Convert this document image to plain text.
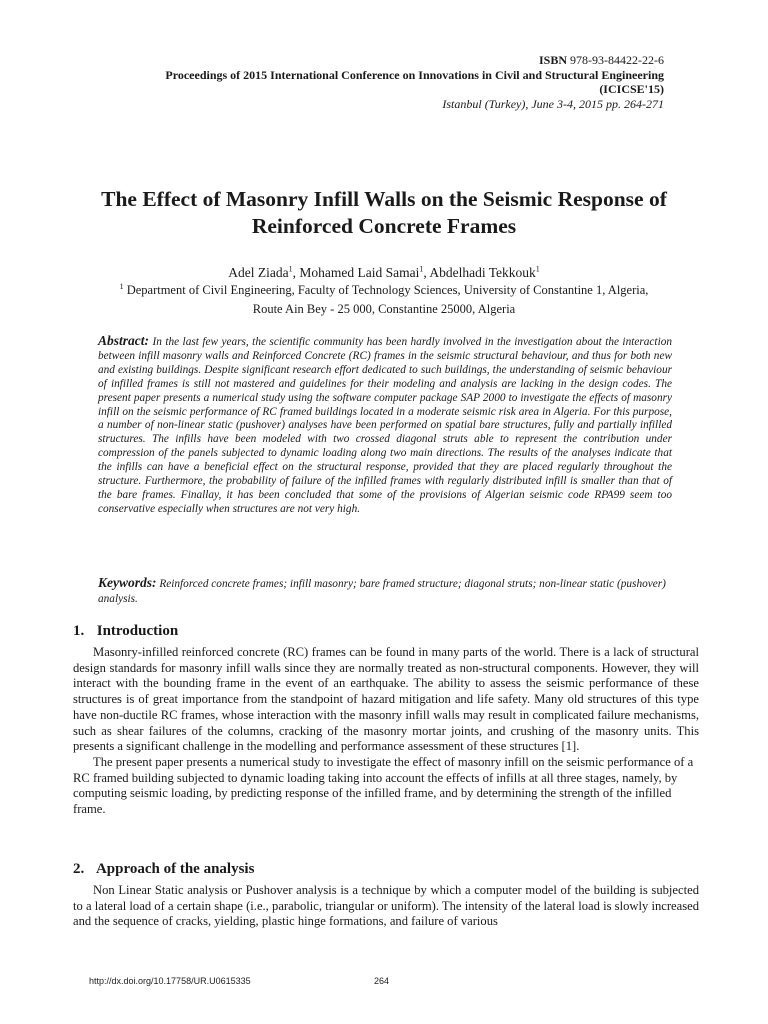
ISBN 978-93-84422-22-6
Proceedings of 2015 International Conference on Innovations in Civil and Structural Engineering
(ICICSE'15)
Istanbul (Turkey), June 3-4, 2015 pp. 264-271
The Effect of Masonry Infill Walls on the Seismic Response of
Reinforced Concrete Frames
Adel Ziada$^1$, Mohamed Laid Samai$^1$, Abdelhadi Tekkouk$^1$
$^1$ Department of Civil Engineering, Faculty of Technology Sciences, University of Constantine 1, Algeria,
Route Ain Bey - 25 000, Constantine 25000, Algeria
Abstract: In the last few years, the scientific community has been hardly involved in the investigation about the interaction between infill masonry walls and Reinforced Concrete (RC) frames in the seismic structural behaviour, and thus for both new and existing buildings. Despite significant research effort dedicated to such buildings, the understanding of seismic behaviour of infilled frames is still not mastered and guidelines for their modeling and analysis are lacking in the design codes. The present paper presents a numerical study using the software computer package SAP 2000 to investigate the effects of masonry infill on the seismic performance of RC framed buildings located in a moderate seismic risk area in Algeria. For this purpose, a number of non-linear static (pushover) analyses have been performed on spatial bare structures, fully and partially infilled structures. The infills have been modeled with two crossed diagonal struts able to represent the contribution under compression of the panels subjected to dynamic loading along two main directions. The results of the analyses indicate that the infills can have a beneficial effect on the structural response, provided that they are placed regularly throughout the structure. Furthermore, the probability of failure of the infilled frames with regularly distributed infill is smaller than that of the bare frames. Finallay, it has been concluded that some of the provisions of Algerian seismic code RPA99 seem too conservative especially when structures are not very high.
Keywords: Reinforced concrete frames; infill masonry; bare framed structure; diagonal struts; non-linear static (pushover) analysis.
1. Introduction

Masonry-infilled reinforced concrete (RC) frames can be found in many parts of the world. There is a lack of structural design standards for masonry infill walls since they are normally treated as non-structural components. However, they will interact with the bounding frame in the event of an earthquake. The ability to assess the seismic performance of these structures is of great importance from the standpoint of hazard mitigation and life safety. Many old structures of this type have non-ductile RC frames, whose interaction with the masonry infill walls may result in complicated failure mechanisms, such as shear failures of the columns, cracking of the masonry mortar joints, and crushing of the masonry units. This presents a significant challenge in the modelling and performance assessment of these structures [1].

The present paper presents a numerical study to investigate the effect of masonry infill on the seismic performance of a RC framed building subjected to dynamic loading taking into account the effects of infills at all three stages, namely, by computing seismic loading, by predicting response of the infilled frame, and by determining the strength of the infilled frame.

2. Approach of the analysis

Non Linear Static analysis or Pushover analysis is a technique by which a computer model of the building is subjected to a lateral load of a certain shape (i.e., parabolic, triangular or uniform). The intensity of the lateral load is slowly increased and the sequence of cracks, yielding, plastic hinge formations, and failure of various

http://dx.doi.org/10.17758/UR.U0615335	264
